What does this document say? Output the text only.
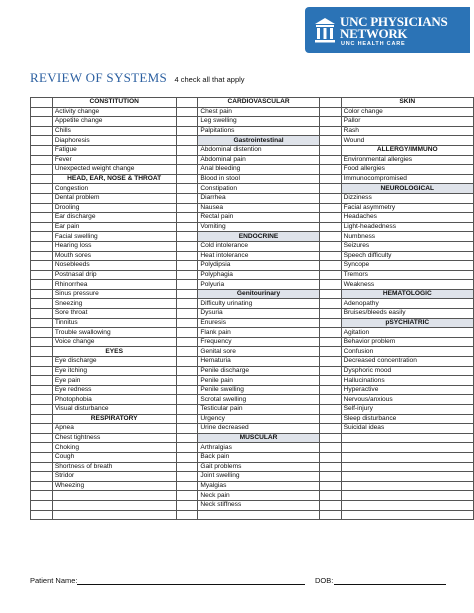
UNC PHYSICIANS
NETWORK
UNC HEALTH CARE
REVIEW OF SYSTEMS 4 check all that apply
	CONSTITUTION		CARDIOVASCULAR		SKIN
	Activity change		Chest pain		Color change
	Appetite change		Leg swelling		Pallor
	Chills		Palpitations		Rash
	Diaphoresis		Gastrointestinal		Wound
	Fatigue		Abdominal distention		ALLERGY/IMMUNO
	Fever		Abdominal pain		Environmental allergies
	Unexpected weight change		Anal bleeding		Food allergies
	HEAD, EAR, NOSE & THROAT		Blood in stool		Immunocompromised
	Congestion		Constipation		NEUROLOGICAL
	Dental problem		Diarrhea		Dizziness
	Drooling		Nausea		Facial asymmetry
	Ear discharge		Rectal pain		Headaches
	Ear pain		Vomiting		Light-headedness
	Facial swelling		ENDOCRINE		Numbness
	Hearing loss		Cold intolerance		Seizures
	Mouth sores		Heat intolerance		Speech difficulty
	Nosebleeds		Polydipsia		Syncope
	Postnasal drip		Polyphagia		Tremors
	Rhinorrhea		Polyuria		Weakness
	Sinus pressure		Genitourinary		HEMATOLOGIC
	Sneezing		Difficulty urinating		Adenopathy
	Sore throat		Dysuria		Bruises/bleeds easily
	Tinnitus		Enuresis		pSYCHIATRIC
	Trouble swallowing		Flank pain		Agitation
	Voice change		Frequency		Behavior problem
	EYES		Genital sore		Confusion
	Eye discharge		Hematuria		Decreased concentration
	Eye itching		Penile discharge		Dysphoric mood
	Eye pain		Penile pain		Hallucinations
	Eye redness		Penile swelling		Hyperactive
	Photophobia		Scrotal swelling		Nervous/anxious
	Visual disturbance		Testicular pain		Self-injury
	RESPIRATORY		Urgency		Sleep disturbance
	Apnea		Urine decreased		Suicidal ideas
	Chest tightness		MUSCULAR		
	Choking		Arthralgias		
	Cough		Back pain		
	Shortness of breath		Gait problems		
	Stridor		Joint swelling		
	Wheezing		Myalgias		
			Neck pain		
			Neck stiffness		

Patient Name:	DOB:
